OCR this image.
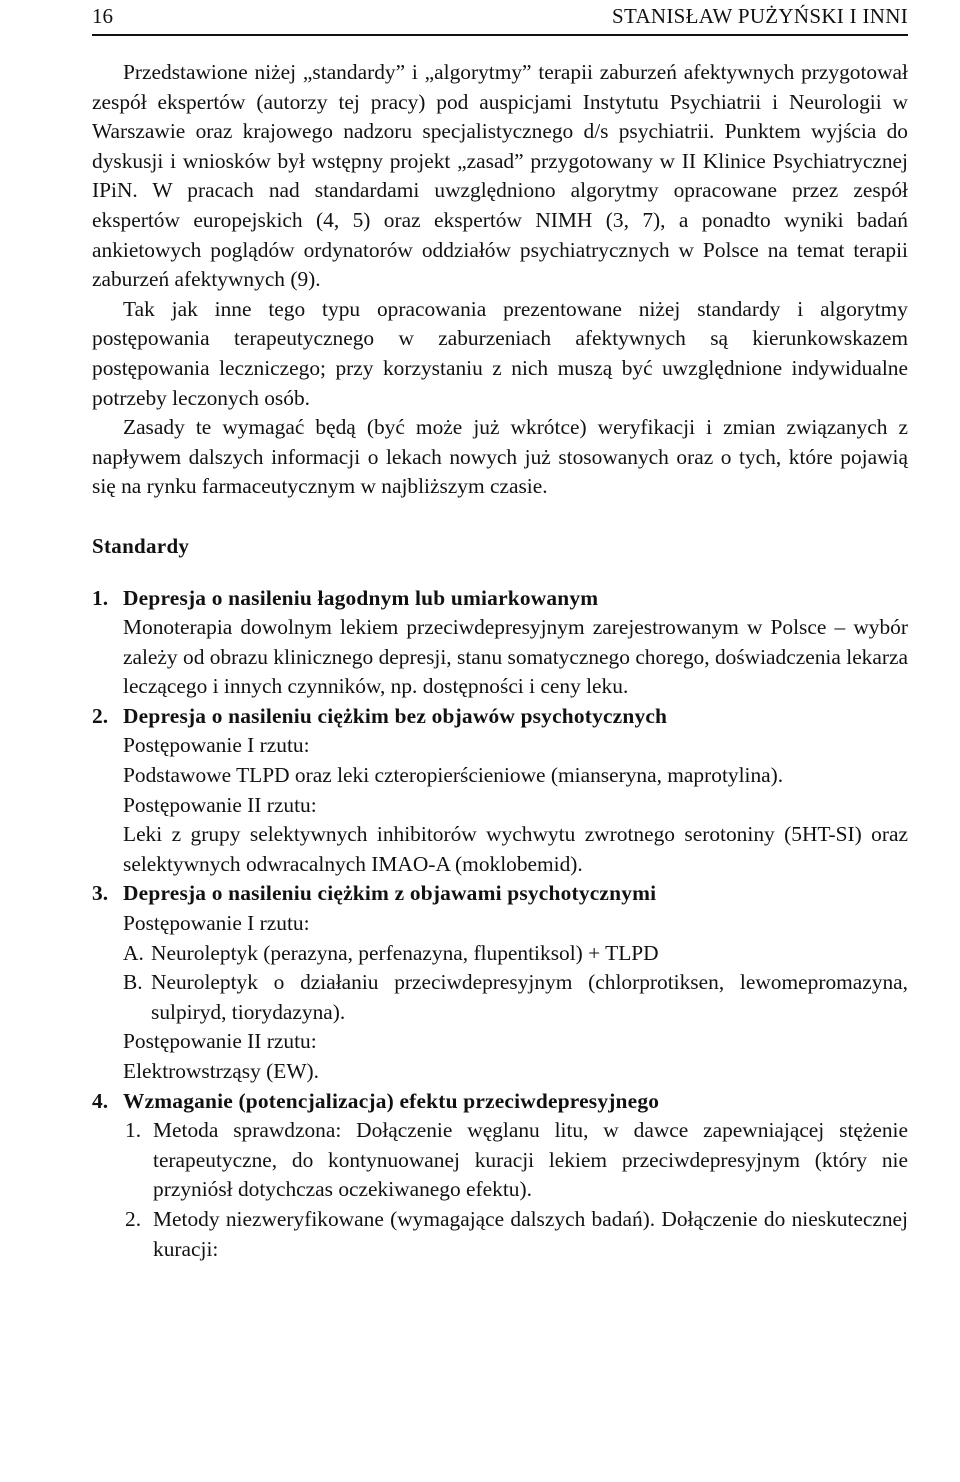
16	STANISŁAW PUŻYŃSKI I INNI

Przedstawione niżej „standardy” i „algorytmy” terapii zaburzeń afektywnych przygotował zespół ekspertów (autorzy tej pracy) pod auspicjami Instytutu Psychiatrii i Neurologii w Warszawie oraz krajowego nadzoru specjalistycznego d/s psychiatrii. Punktem wyjścia do dyskusji i wniosków był wstępny projekt „zasad” przygotowany w II Klinice Psychiatrycznej IPiN. W pracach nad standardami uwzględniono algorytmy opracowane przez zespół ekspertów europejskich (4, 5) oraz ekspertów NIMH (3, 7), a ponadto wyniki badań ankietowych poglądów ordynatorów oddziałów psychiatrycznych w Polsce na temat terapii zaburzeń afektywnych (9).

Tak jak inne tego typu opracowania prezentowane niżej standardy i algorytmy postępowania terapeutycznego w zaburzeniach afektywnych są kierunkowskazem postępowania leczniczego; przy korzystaniu z nich muszą być uwzględnione indywidualne potrzeby leczonych osób.

Zasady te wymagać będą (być może już wkrótce) weryfikacji i zmian związanych z napływem dalszych informacji o lekach nowych już stosowanych oraz o tych, które pojawią się na rynku farmaceutycznym w najbliższym czasie.

Standardy
1. Depresja o nasileniu łagodnym lub umiarkowanym

Monoterapia dowolnym lekiem przeciwdepresyjnym zarejestrowanym w Polsce – wybór zależy od obrazu klinicznego depresji, stanu somatycznego chorego, doświadczenia lekarza leczącego i innych czynników, np. dostępności i ceny leku.

2. Depresja o nasileniu ciężkim bez objawów psychotycznych

Postępowanie I rzutu:

Podstawowe TLPD oraz leki czteropierścieniowe (mianseryna, maprotylina).

Postępowanie II rzutu:

Leki z grupy selektywnych inhibitorów wychwytu zwrotnego serotoniny (5HT-SI) oraz selektywnych odwracalnych IMAO-A (moklobemid).

3. Depresja o nasileniu ciężkim z objawami psychotycznymi

Postępowanie I rzutu:

A. Neuroleptyk (perazyna, perfenazyna, flupentiksol) + TLPD

B. Neuroleptyk o działaniu przeciwdepresyjnym (chlorprotiksen, lewomepromazyna, sulpiryd, tiorydazyna).

Postępowanie II rzutu:

Elektrowstrząsy (EW).

4. Wzmaganie (potencjalizacja) efektu przeciwdepresyjnego
1. Metoda sprawdzona: Dołączenie węglanu litu, w dawce zapewniającej stężenie terapeutyczne, do kontynuowanej kuracji lekiem przeciwdepresyjnym (który nie przyniósł dotychczas oczekiwanego efektu).

2. Metody niezweryfikowane (wymagające dalszych badań). Dołączenie do nieskutecznej kuracji:
